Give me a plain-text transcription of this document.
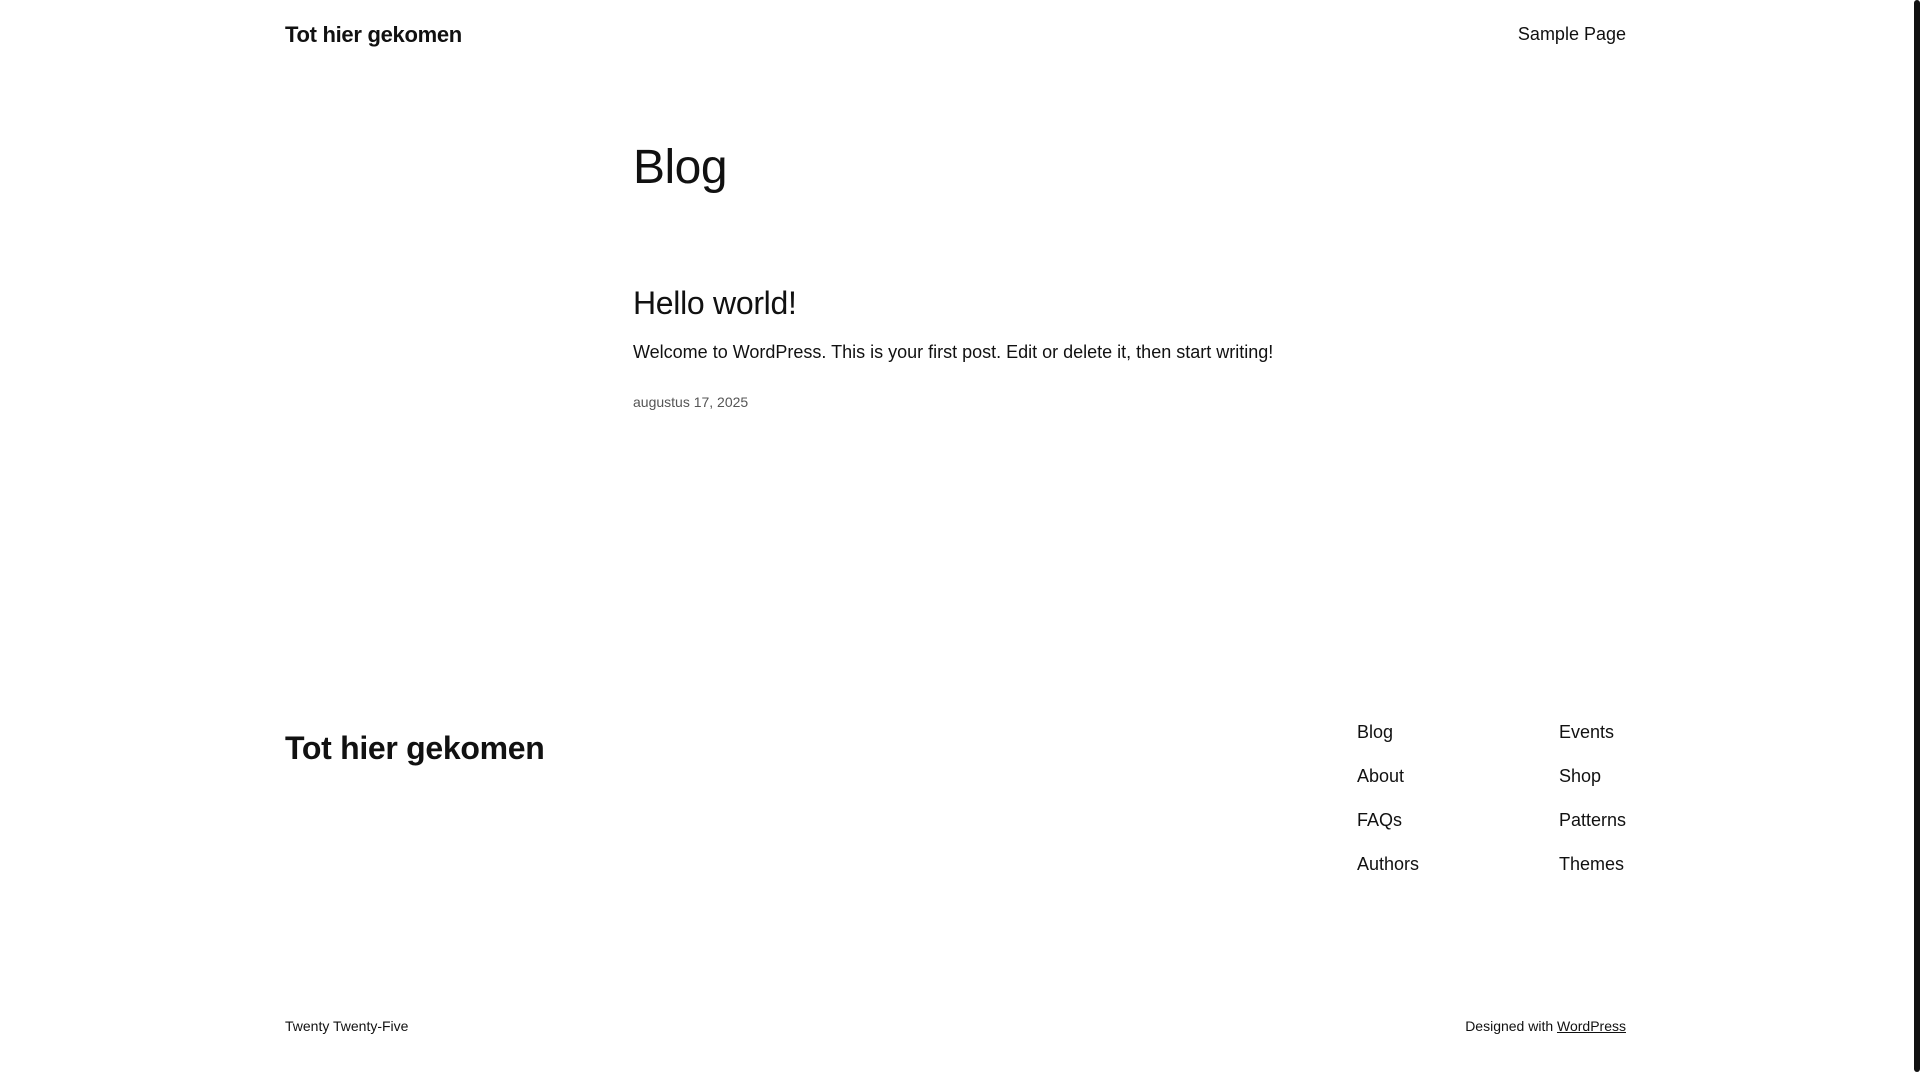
Tot hier gekomen	Sample Page
Blog
Hello world!

Welcome to WordPress. This is your first post. Edit or delete it, then start writing!

augustus 17, 2025
Tot hier gekomen	Blog
About
FAQs
Authors
Events
Shop
Patterns
Themes
Twenty Twenty-Five	Designed with WordPress
